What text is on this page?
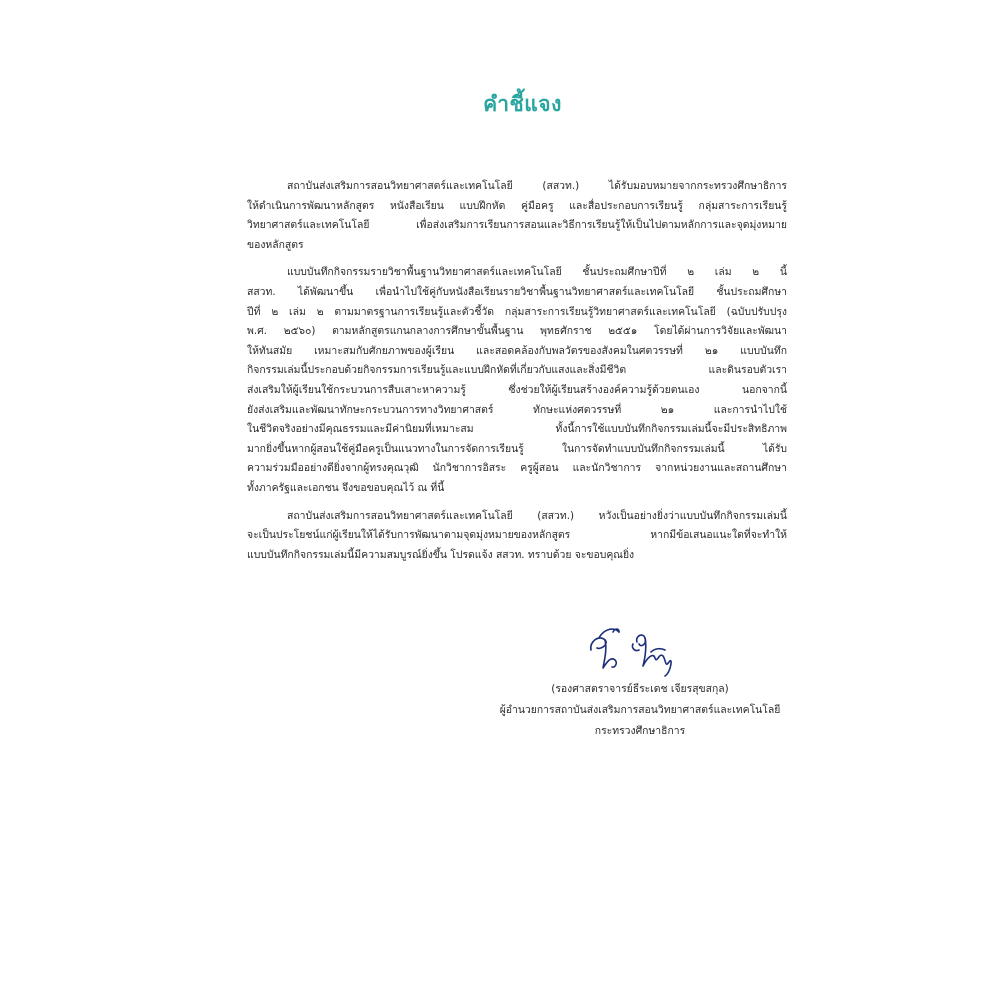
คำชี้แจง
สถาบันส่งเสริมการสอนวิทยาศาสตร์และเทคโนโลยี (สสวท.) ได้รับมอบหมายจากกระทรวงศึกษาธิการ
ให้ดำเนินการพัฒนาหลักสูตร หนังสือเรียน แบบฝึกหัด คู่มือครู และสื่อประกอบการเรียนรู้ กลุ่มสาระการเรียนรู้
วิทยาศาสตร์และเทคโนโลยี เพื่อส่งเสริมการเรียนการสอนและวิธีการเรียนรู้ให้เป็นไปตามหลักการและจุดมุ่งหมาย
ของหลักสูตร
แบบบันทึกกิจกรรมรายวิชาพื้นฐานวิทยาศาสตร์และเทคโนโลยี ชั้นประถมศึกษาปีที่ ๒ เล่ม ๒ นี้
สสวท. ได้พัฒนาขึ้น เพื่อนำไปใช้คู่กับหนังสือเรียนรายวิชาพื้นฐานวิทยาศาสตร์และเทคโนโลยี ชั้นประถมศึกษา
ปีที่ ๒ เล่ม ๒ ตามมาตรฐานการเรียนรู้และตัวชี้วัด กลุ่มสาระการเรียนรู้วิทยาศาสตร์และเทคโนโลยี (ฉบับปรับปรุง
พ.ศ. ๒๕๖๐) ตามหลักสูตรแกนกลางการศึกษาขั้นพื้นฐาน พุทธศักราช ๒๕๕๑ โดยได้ผ่านการวิจัยและพัฒนา
ให้ทันสมัย เหมาะสมกับศักยภาพของผู้เรียน และสอดคล้องกับพลวัตรของสังคมในศตวรรษที่ ๒๑ แบบบันทึก
กิจกรรมเล่มนี้ประกอบด้วยกิจกรรมการเรียนรู้และแบบฝึกหัดที่เกี่ยวกับแสงและสิ่งมีชีวิต และดินรอบตัวเรา
ส่งเสริมให้ผู้เรียนใช้กระบวนการสืบเสาะหาความรู้ ซึ่งช่วยให้ผู้เรียนสร้างองค์ความรู้ด้วยตนเอง นอกจากนี้
ยังส่งเสริมและพัฒนาทักษะกระบวนการทางวิทยาศาสตร์ ทักษะแห่งศตวรรษที่ ๒๑ และการนำไปใช้
ในชีวิตจริงอย่างมีคุณธรรมและมีค่านิยมที่เหมาะสม ทั้งนี้การใช้แบบบันทึกกิจกรรมเล่มนี้จะมีประสิทธิภาพ
มากยิ่งขึ้นหากผู้สอนใช้คู่มือครูเป็นแนวทางในการจัดการเรียนรู้ ในการจัดทำแบบบันทึกกิจกรรมเล่มนี้ ได้รับ
ความร่วมมืออย่างดียิ่งจากผู้ทรงคุณวุฒิ นักวิชาการอิสระ ครูผู้สอน และนักวิชาการ จากหน่วยงานและสถานศึกษา
ทั้งภาครัฐและเอกชน จึงขอขอบคุณไว้ ณ ที่นี้
สถาบันส่งเสริมการสอนวิทยาศาสตร์และเทคโนโลยี (สสวท.) หวังเป็นอย่างยิ่งว่าแบบบันทึกกิจกรรมเล่มนี้
จะเป็นประโยชน์แก่ผู้เรียนให้ได้รับการพัฒนาตามจุดมุ่งหมายของหลักสูตร หากมีข้อเสนอแนะใดที่จะทำให้
แบบบันทึกกิจกรรมเล่มนี้มีความสมบูรณ์ยิ่งขึ้น โปรดแจ้ง สสวท. ทราบด้วย จะขอบคุณยิ่ง
(รองศาสตราจารย์ธีระเดช เจียรสุขสกุล)
ผู้อำนวยการสถาบันส่งเสริมการสอนวิทยาศาสตร์และเทคโนโลยี
กระทรวงศึกษาธิการ
